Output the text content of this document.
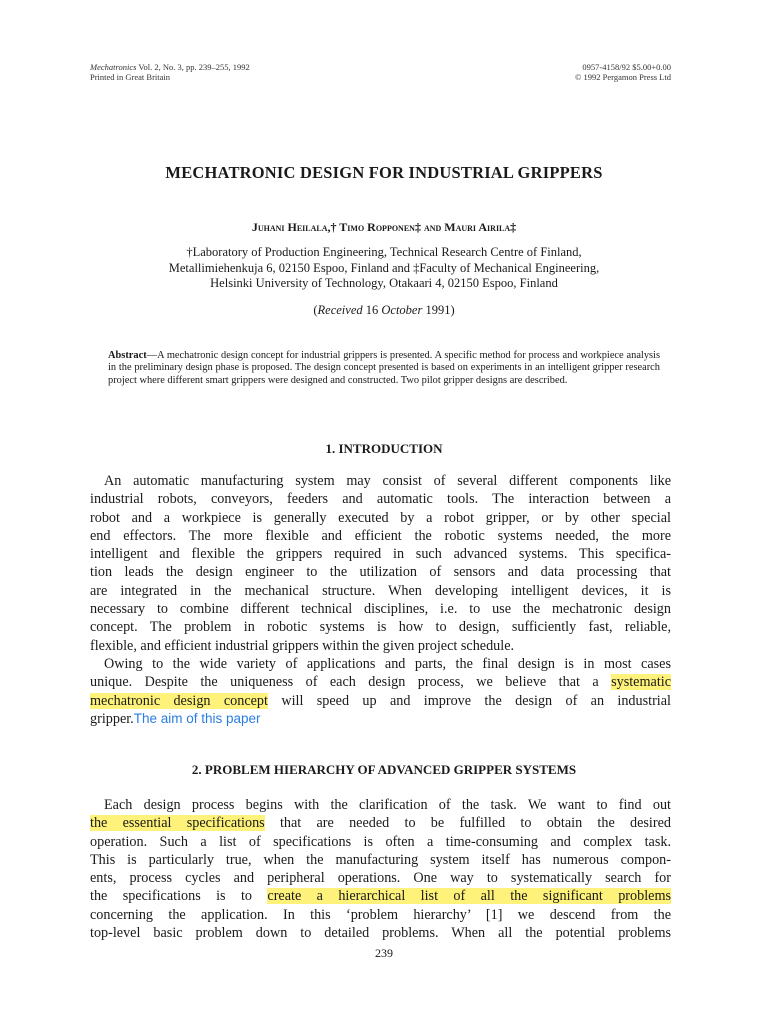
Mechatronics Vol. 2, No. 3, pp. 239–255, 1992
Printed in Great Britain
0957-4158/92 $5.00+0.00
© 1992 Pergamon Press Ltd
MECHATRONIC DESIGN FOR INDUSTRIAL GRIPPERS
Juhani Heilala,† Timo Ropponen‡ and Mauri Airila‡
†Laboratory of Production Engineering, Technical Research Centre of Finland,
Metallimiehenkuja 6, 02150 Espoo, Finland and ‡Faculty of Mechanical Engineering,
Helsinki University of Technology, Otakaari 4, 02150 Espoo, Finland
(Received 16 October 1991)
Abstract—A mechatronic design concept for industrial grippers is presented. A specific method for process and workpiece analysis in the preliminary design phase is proposed. The design concept presented is based on experiments in an intelligent gripper research project where different smart grippers were designed and constructed. Two pilot gripper designs are described.
1. INTRODUCTION
An automatic manufacturing system may consist of several different components like
industrial robots, conveyors, feeders and automatic tools. The interaction between a
robot and a workpiece is generally executed by a robot gripper, or by other special
end effectors. The more flexible and efficient the robotic systems needed, the more
intelligent and flexible the grippers required in such advanced systems. This specifica-
tion leads the design engineer to the utilization of sensors and data processing that
are integrated in the mechanical structure. When developing intelligent devices, it is
necessary to combine different technical disciplines, i.e. to use the mechatronic design
concept. The problem in robotic systems is how to design, sufficiently fast, reliable,
flexible, and efficient industrial grippers within the given project schedule.
Owing to the wide variety of applications and parts, the final design is in most cases
unique. Despite the uniqueness of each design process, we believe that a systematic
mechatronic design concept will speed up and improve the design of an industrial
gripper.The aim of this paper
2. PROBLEM HIERARCHY OF ADVANCED GRIPPER SYSTEMS
Each design process begins with the clarification of the task. We want to find out
the essential specifications that are needed to be fulfilled to obtain the desired
operation. Such a list of specifications is often a time-consuming and complex task.
This is particularly true, when the manufacturing system itself has numerous compon-
ents, process cycles and peripheral operations. One way to systematically search for
the specifications is to create a hierarchical list of all the significant problems
concerning the application. In this ‘problem hierarchy’ [1] we descend from the
top-level basic problem down to detailed problems. When all the potential problems
239
